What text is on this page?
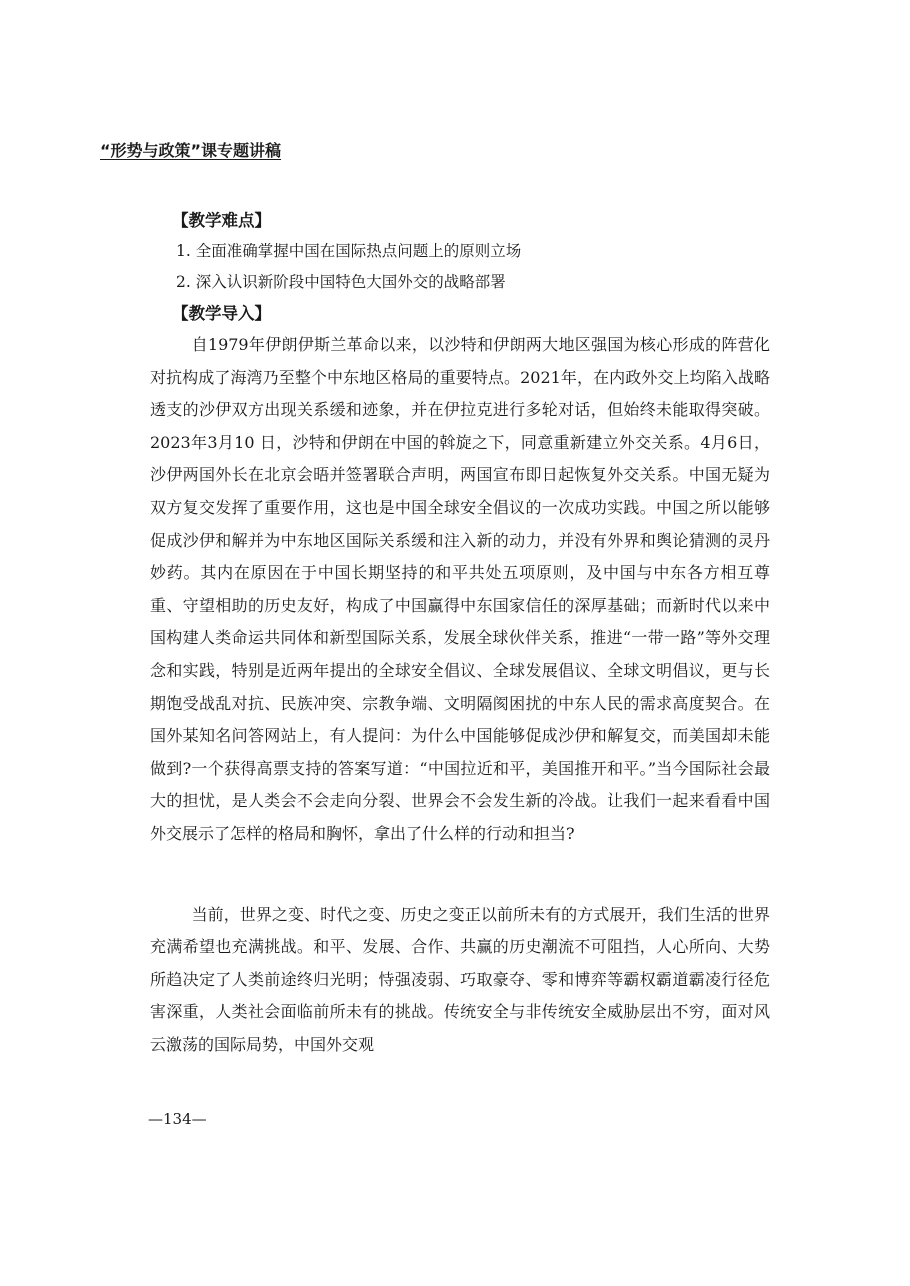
“形势与政策”课专题讲稿
【教学难点】
1. 全面准确掌握中国在国际热点问题上的原则立场
2. 深入认识新阶段中国特色大国外交的战略部署
【教学导入】

自1979年伊朗伊斯兰革命以来，以沙特和伊朗两大地区强国为核心形成的阵营化对抗构成了海湾乃至整个中东地区格局的重要特点。2021年，在内政外交上均陷入战略透支的沙伊双方出现关系缓和迹象，并在伊拉克进行多轮对话，但始终未能取得突破。2023年3月10 日，沙特和伊朗在中国的斡旋之下，同意重新建立外交关系。4月6日，沙伊两国外长在北京会晤并签署联合声明，两国宣布即日起恢复外交关系。中国无疑为双方复交发挥了重要作用，这也是中国全球安全倡议的一次成功实践。中国之所以能够促成沙伊和解并为中东地区国际关系缓和注入新的动力，并没有外界和舆论猜测的灵丹妙药。其内在原因在于中国长期坚持的和平共处五项原则，及中国与中东各方相互尊重、守望相助的历史友好，构成了中国赢得中东国家信任的深厚基础；而新时代以来中国构建人类命运共同体和新型国际关系，发展全球伙伴关系，推进“一带一路”等外交理念和实践，特别是近两年提出的全球安全倡议、全球发展倡议、全球文明倡议，更与长期饱受战乱对抗、民族冲突、宗教争端、文明隔阂困扰的中东人民的需求高度契合。在国外某知名问答网站上，有人提问：为什么中国能够促成沙伊和解复交，而美国却未能做到?一个获得高票支持的答案写道：“中国拉近和平，美国推开和平。”当今国际社会最大的担忧，是人类会不会走向分裂、世界会不会发生新的冷战。让我们一起来看看中国外交展示了怎样的格局和胸怀，拿出了什么样的行动和担当?

当前，世界之变、时代之变、历史之变正以前所未有的方式展开，我们生活的世界充满希望也充满挑战。和平、发展、合作、共赢的历史潮流不可阻挡，人心所向、大势所趋决定了人类前途终归光明；恃强凌弱、巧取豪夺、零和博弈等霸权霸道霸凌行径危害深重，人类社会面临前所未有的挑战。传统安全与非传统安全威胁层出不穷，面对风云激荡的国际局势，中国外交观

—134—
